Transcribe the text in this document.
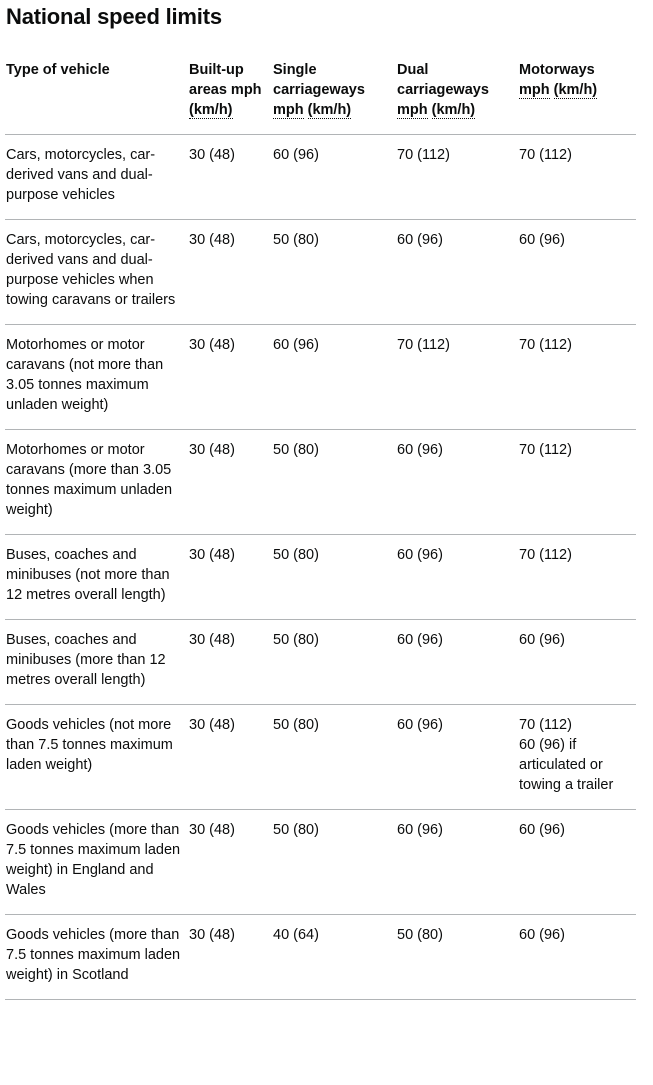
National speed limits
Type of vehicle	Built-up
areas mph
(km/h)	Single
carriageways
mph (km/h)	Dual
carriageways
mph (km/h)	Motorways
mph (km/h)

Cars, motorcycles, car-derived vans and dual-purpose vehicles	30 (48)	60 (96)	70 (112)	70 (112)
Cars, motorcycles, car-derived vans and dual-purpose vehicles when towing caravans or trailers	30 (48)	50 (80)	60 (96)	60 (96)
Motorhomes or motor caravans (not more than 3.05 tonnes maximum unladen weight)	30 (48)	60 (96)	70 (112)	70 (112)
Motorhomes or motor caravans (more than 3.05 tonnes maximum unladen weight)	30 (48)	50 (80)	60 (96)	70 (112)
Buses, coaches and minibuses (not more than 12 metres overall length)	30 (48)	50 (80)	60 (96)	70 (112)
Buses, coaches and minibuses (more than 12 metres overall length)	30 (48)	50 (80)	60 (96)	60 (96)
Goods vehicles (not more than 7.5 tonnes maximum laden weight)	30 (48)	50 (80)	60 (96)	70 (112)
60 (96) if articulated or towing a trailer

Goods vehicles (more than 7.5 tonnes maximum laden weight) in England and Wales	30 (48)	50 (80)	60 (96)	60 (96)
Goods vehicles (more than 7.5 tonnes maximum laden weight) in Scotland	30 (48)	40 (64)	50 (80)	60 (96)
